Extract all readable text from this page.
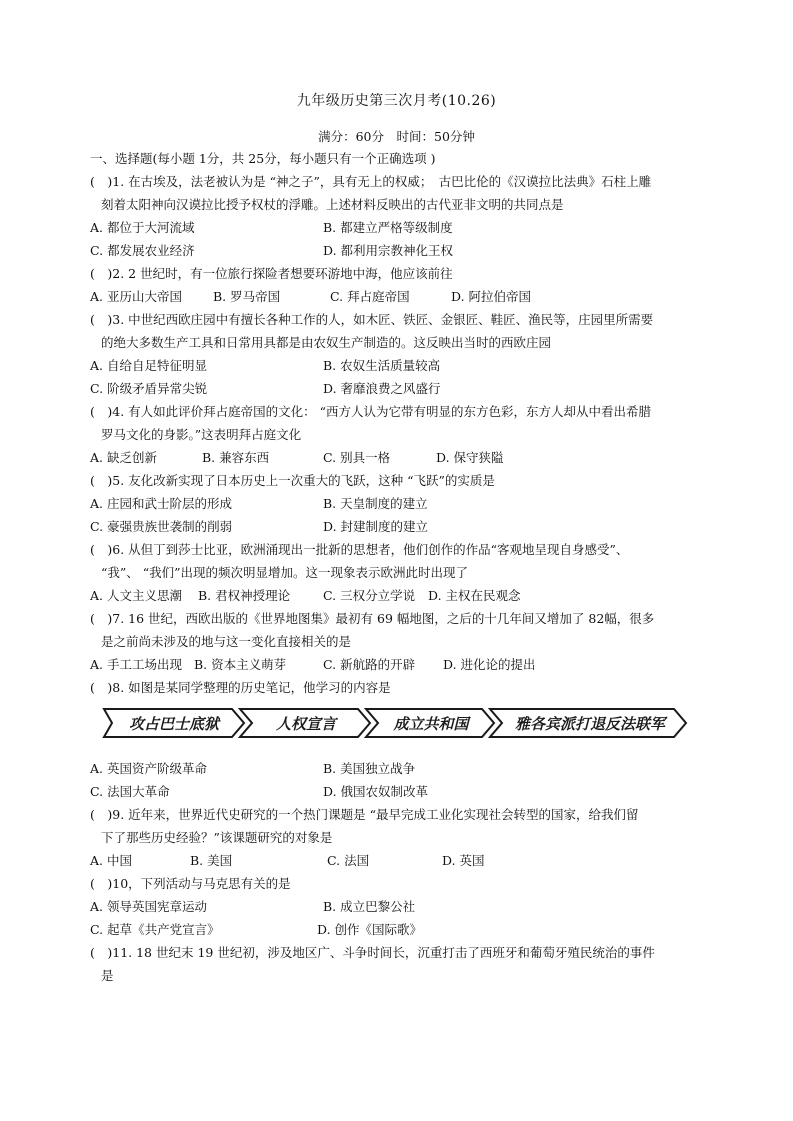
九年级历史第三次月考(10.26)
满分：60分　时间：50分钟
一、选择题(每小题 1分，共 25分，每小题只有一个正确选项 )
(　)1. 在古埃及，法老被认为是 “神之子”，具有无上的权威；　古巴比伦的《汉谟拉比法典》石柱上雕
刻着太阳神向汉谟拉比授予权杖的浮雕。上述材料反映出的古代亚非文明的共同点是
A. 都位于大河流域	B. 都建立严格等级制度
C. 都发展农业经济	D. 都利用宗教神化王权
(　)2. 2 世纪时，有一位旅行探险者想要环游地中海，他应该前往
A. 亚历山大帝国 B. 罗马帝国	C. 拜占庭帝国	D. 阿拉伯帝国
(　)3. 中世纪西欧庄园中有擅长各种工作的人，如木匠、铁匠、金银匠、鞋匠、渔民等，庄园里所需要
的绝大多数生产工具和日常用具都是由农奴生产制造的。这反映出当时的西欧庄园
A. 自给自足特征明显	B. 农奴生活质量较高
C. 阶级矛盾异常尖锐	D. 奢靡浪费之风盛行
(　)4. 有人如此评价拜占庭帝国的文化： “西方人认为它带有明显的东方色彩，东方人却从中看出希腊
罗马文化的身影。”这表明拜占庭文化
A. 缺乏创新	B. 兼容东西	C. 别具一格	D. 保守狭隘
(　)5. 友化改新实现了日本历史上一次重大的飞跃，这种 “飞跃”的实质是
A. 庄园和武士阶层的形成	B. 天皇制度的建立
C. 豪强贵族世袭制的削弱	D. 封建制度的建立
(　)6. 从但丁到莎士比亚，欧洲涌现出一批新的思想者，他们创作的作品“客观地呈现自身感受”、
“我”、 “我们”出现的频次明显增加。这一现象表示欧洲此时出现了
A. 人文主义思潮 B. 君权神授理论	C. 三权分立学说 D. 主权在民观念
(　)7. 16 世纪，西欧出版的《世界地图集》最初有 69 幅地图，之后的十几年间又增加了 82幅，很多
是之前尚未涉及的地与这一变化直接相关的是
A. 手工工场出现 B. 资本主义萌芽	C. 新航路的开辟 D. 进化论的提出
(　)8. 如图是某同学整理的历史笔记，他学习的内容是
攻占巴士底狱	人权宣言	成立共和国	雅各宾派打退反法联军
A. 英国资产阶级革命	B. 美国独立战争
C. 法国大革命	D. 俄国农奴制改革
(　)9. 近年来，世界近代史研究的一个热门课题是 “最早完成工业化实现社会转型的国家，给我们留
下了那些历史经验？”该课题研究的对象是
A. 中国	B. 美国	C. 法国	D. 英国
(　)10，下列活动与马克思有关的是
A. 领导英国宪章运动	B. 成立巴黎公社
C. 起草《共产党宣言》	D. 创作《国际歌》
(　)11. 18 世纪末 19 世纪初，涉及地区广、斗争时间长，沉重打击了西班牙和葡萄牙殖民统治的事件
是
